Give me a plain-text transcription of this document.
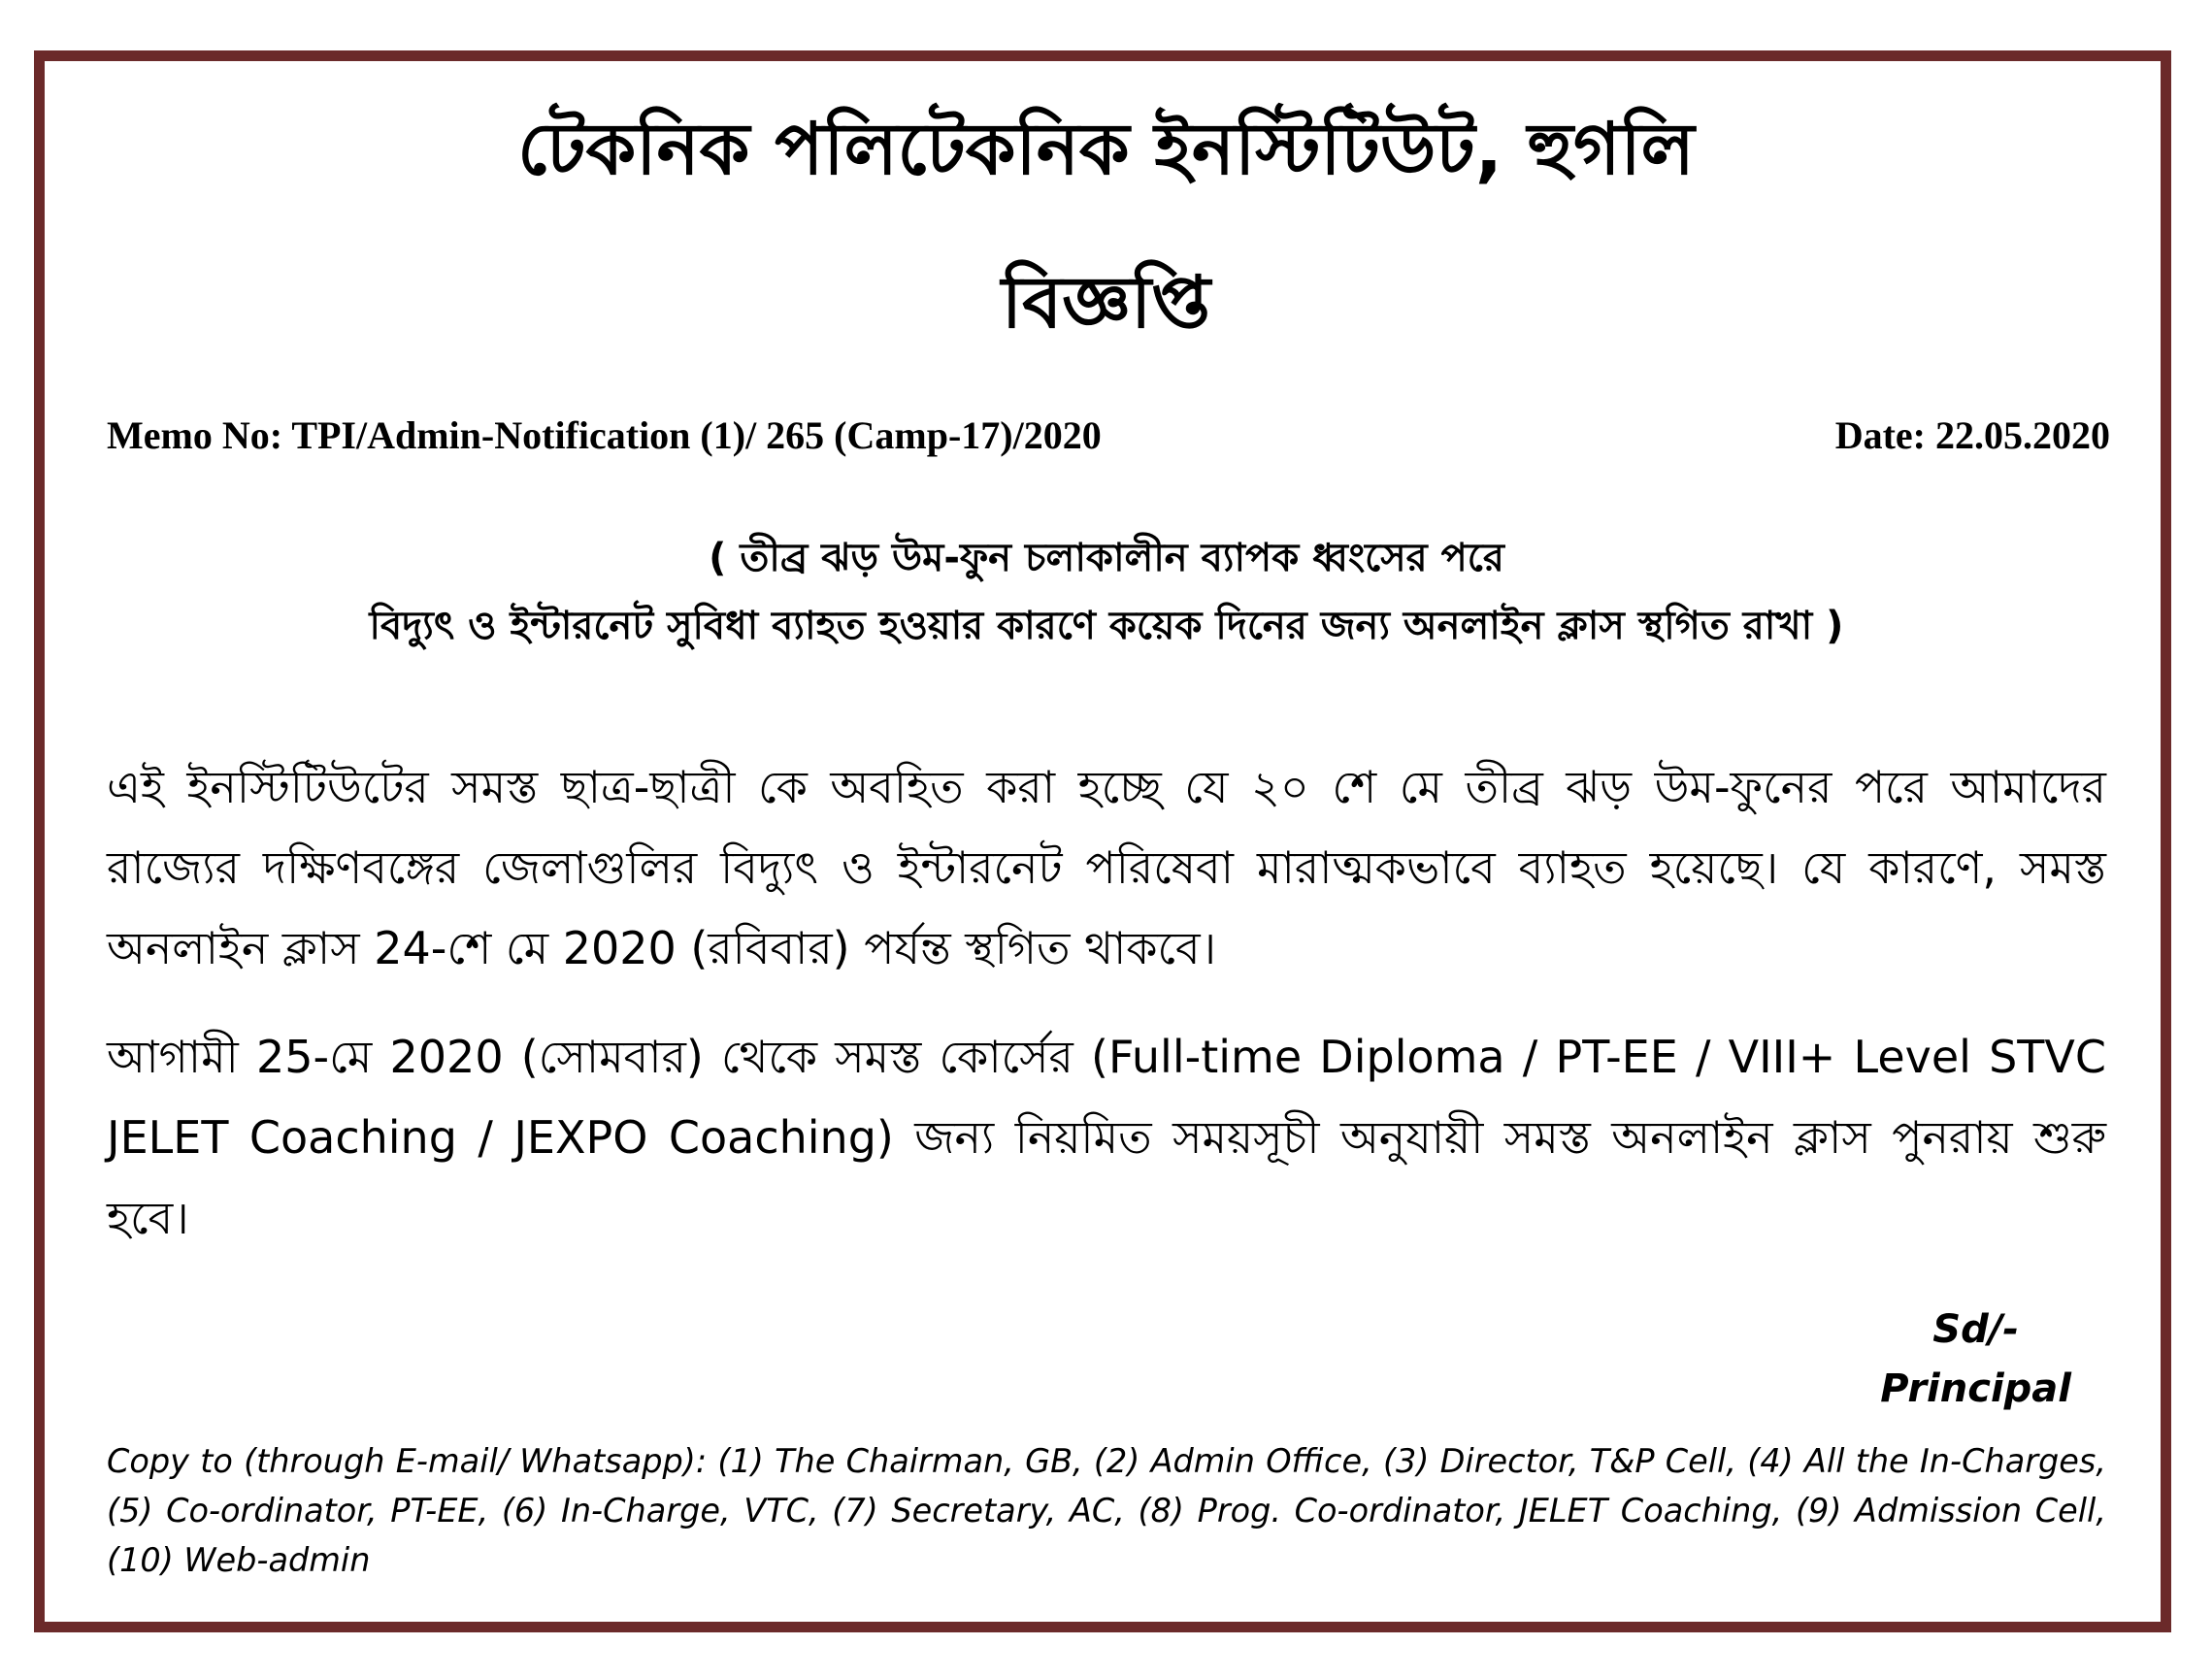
টেকনিক পলিটেকনিক ইনস্টিটিউট, হুগলি
বিজ্ঞপ্তি
Memo No: TPI/Admin-Notification (1)/ 265 (Camp-17)/2020	Date: 22.05.2020
( তীব্র ঝড় উম-ফুন চলাকালীন ব্যাপক ধ্বংসের পরে
বিদ্যুৎ ও ইন্টারনেট সুবিধা ব্যাহত হওয়ার কারণে কয়েক দিনের জন্য অনলাইন ক্লাস স্থগিত রাখা )
এই ইনস্টিটিউটের সমস্ত ছাত্র-ছাত্রী কে অবহিত করা হচ্ছে যে ২০ শে মে তীব্র ঝড় উম-ফুনের পরে আমাদের রাজ্যের দক্ষিণবঙ্গের জেলাগুলির বিদ্যুৎ ও ইন্টারনেট পরিষেবা মারাত্মকভাবে ব্যাহত হয়েছে। যে কারণে, সমস্ত অনলাইন ক্লাস 24-শে মে 2020 (রবিবার) পর্যন্ত স্থগিত থাকবে।
আগামী 25-মে 2020 (সোমবার) থেকে সমস্ত কোর্সের (Full-time Diploma / PT-EE / VIII+ Level STVC JELET Coaching / JEXPO Coaching) জন্য নিয়মিত সময়সূচী অনুযায়ী সমস্ত অনলাইন ক্লাস পুনরায় শুরু হবে।
Sd/-
Principal
Copy to (through E-mail/ Whatsapp): (1) The Chairman, GB, (2) Admin Office, (3) Director, T&P Cell, (4) All the In-Charges, (5) Co-ordinator, PT-EE, (6) In-Charge, VTC, (7) Secretary, AC, (8) Prog. Co-ordinator, JELET Coaching, (9) Admission Cell, (10) Web-admin
